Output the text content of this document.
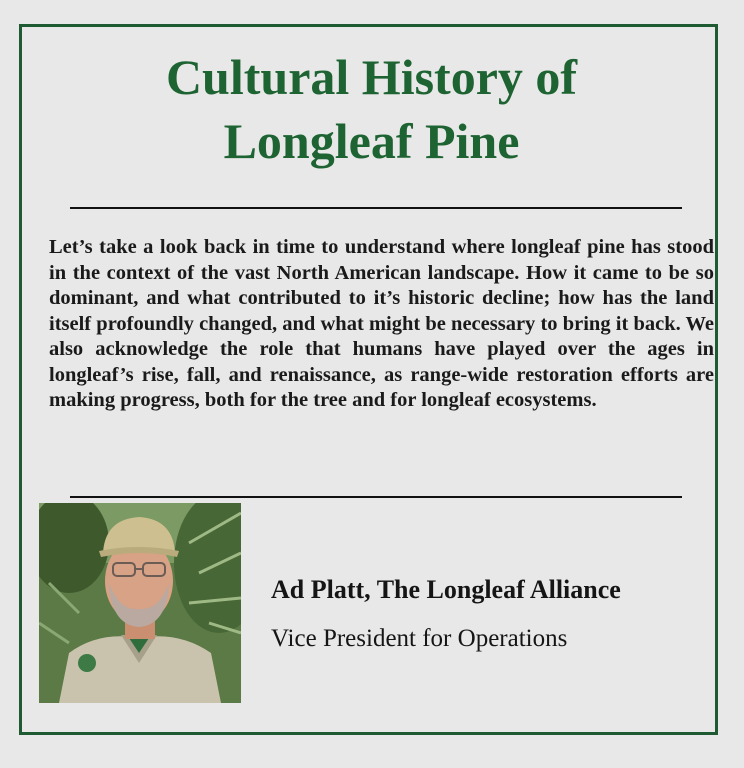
Cultural History of
Longleaf Pine

Let’s take a look back in time to understand where longleaf pine has stood in the context of the vast North American landscape. How it came to be so dominant, and what contributed to it’s historic decline; how has the land itself profoundly changed, and what might be necessary to bring it back. We also acknowledge the role that humans have played over the ages in longleaf’s rise, fall, and renaissance, as range-wide restoration efforts are making progress, both for the tree and for longleaf ecosystems.

Ad Platt, The Longleaf Alliance

Vice President for Operations
